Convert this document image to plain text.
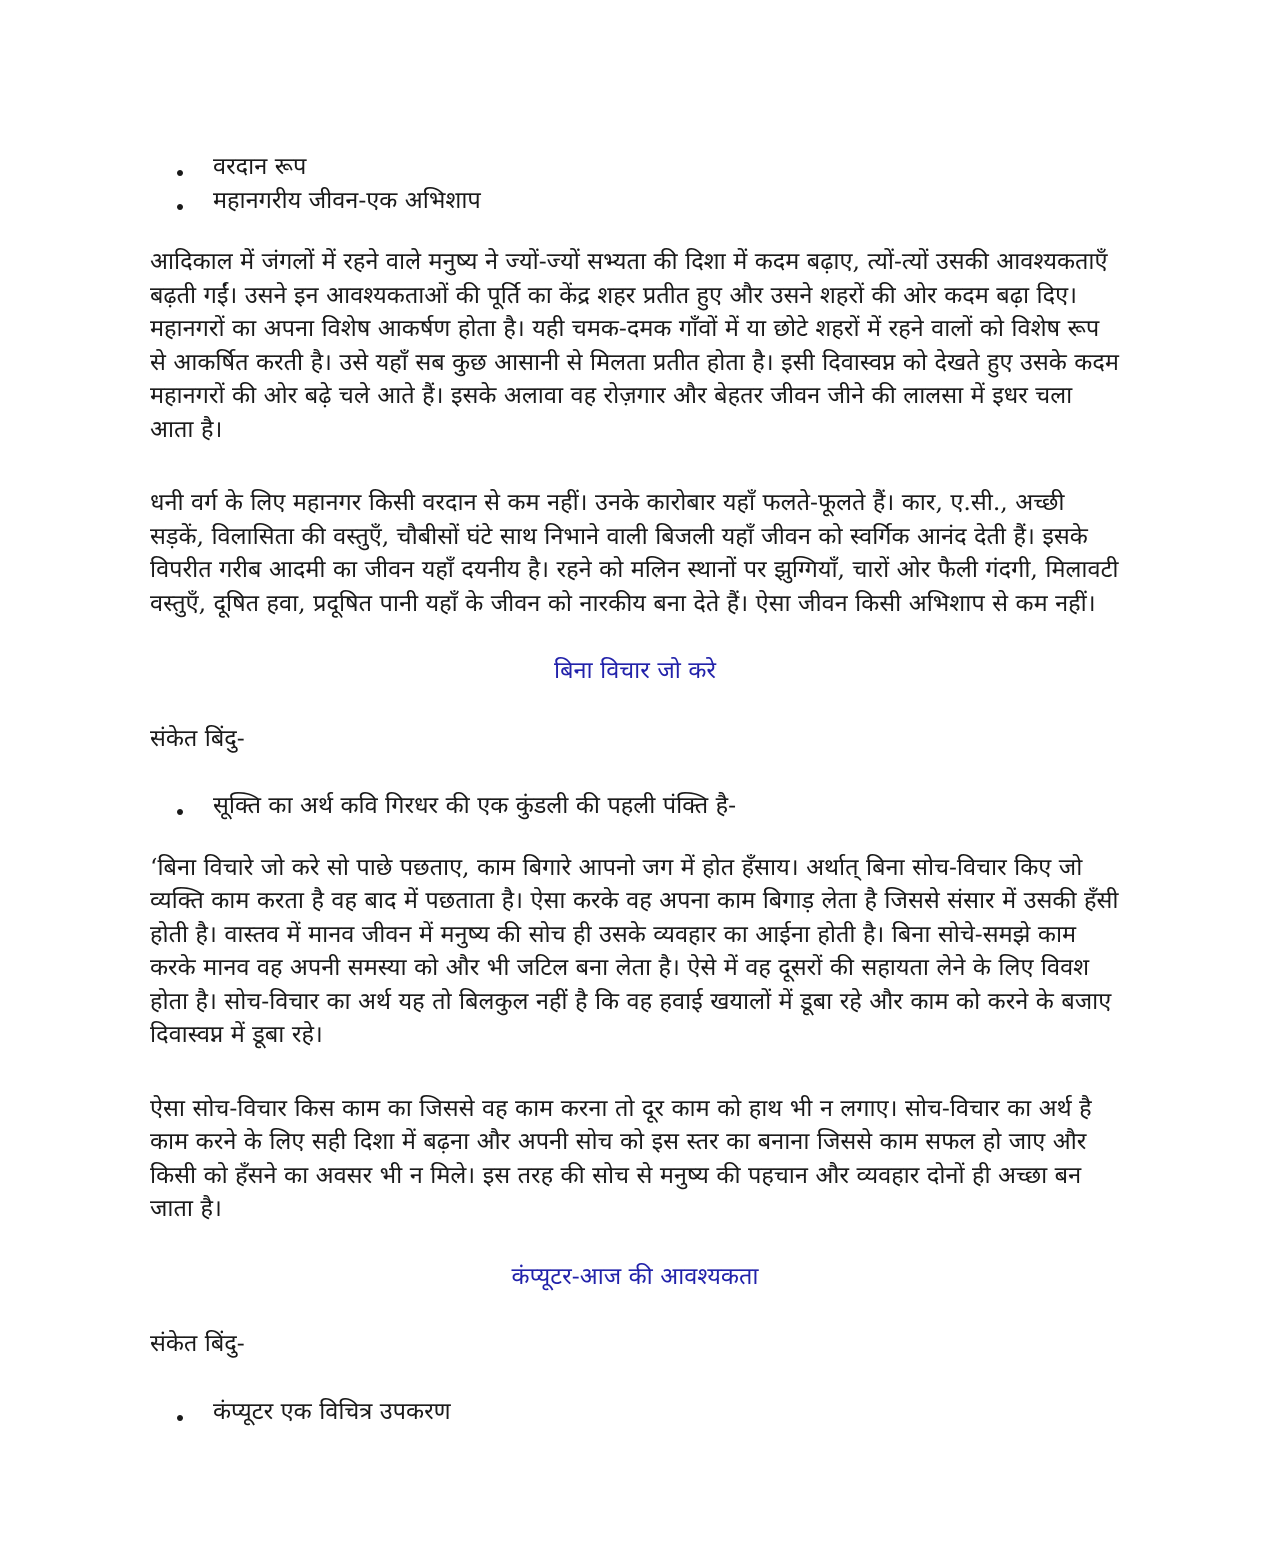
वरदान रूप
महानगरीय जीवन-एक अभिशाप

आदिकाल में जंगलों में रहने वाले मनुष्य ने ज्यों-ज्यों सभ्यता की दिशा में कदम बढ़ाए, त्यों-त्यों उसकी आवश्यकताएँ बढ़ती गईं। उसने इन आवश्यकताओं की पूर्ति का केंद्र शहर प्रतीत हुए और उसने शहरों की ओर कदम बढ़ा दिए। महानगरों का अपना विशेष आकर्षण होता है। यही चमक-दमक गाँवों में या छोटे शहरों में रहने वालों को विशेष रूप से आकर्षित करती है। उसे यहाँ सब कुछ आसानी से मिलता प्रतीत होता है। इसी दिवास्वप्न को देखते हुए उसके कदम महानगरों की ओर बढ़े चले आते हैं। इसके अलावा वह रोज़गार और बेहतर जीवन जीने की लालसा में इधर चला आता है।

धनी वर्ग के लिए महानगर किसी वरदान से कम नहीं। उनके कारोबार यहाँ फलते-फूलते हैं। कार, ए.सी., अच्छी सड़कें, विलासिता की वस्तुएँ, चौबीसों घंटे साथ निभाने वाली बिजली यहाँ जीवन को स्वर्गिक आनंद देती हैं। इसके विपरीत गरीब आदमी का जीवन यहाँ दयनीय है। रहने को मलिन स्थानों पर झुग्गियाँ, चारों ओर फैली गंदगी, मिलावटी वस्तुएँ, दूषित हवा, प्रदूषित पानी यहाँ के जीवन को नारकीय बना देते हैं। ऐसा जीवन किसी अभिशाप से कम नहीं।

बिना विचार जो करे

संकेत बिंदु-

सूक्ति का अर्थ कवि गिरधर की एक कुंडली की पहली पंक्ति है-

‘बिना विचारे जो करे सो पाछे पछताए, काम बिगारे आपनो जग में होत हँसाय। अर्थात् बिना सोच-विचार किए जो व्यक्ति काम करता है वह बाद में पछताता है। ऐसा करके वह अपना काम बिगाड़ लेता है जिससे संसार में उसकी हँसी होती है। वास्तव में मानव जीवन में मनुष्य की सोच ही उसके व्यवहार का आईना होती है। बिना सोचे-समझे काम करके मानव वह अपनी समस्या को और भी जटिल बना लेता है। ऐसे में वह दूसरों की सहायता लेने के लिए विवश होता है। सोच-विचार का अर्थ यह तो बिलकुल नहीं है कि वह हवाई खयालों में डूबा रहे और काम को करने के बजाए दिवास्वप्न में डूबा रहे।

ऐसा सोच-विचार किस काम का जिससे वह काम करना तो दूर काम को हाथ भी न लगाए। सोच-विचार का अर्थ है काम करने के लिए सही दिशा में बढ़ना और अपनी सोच को इस स्तर का बनाना जिससे काम सफल हो जाए और किसी को हँसने का अवसर भी न मिले। इस तरह की सोच से मनुष्य की पहचान और व्यवहार दोनों ही अच्छा बन जाता है।

कंप्यूटर-आज की आवश्यकता

संकेत बिंदु-

कंप्यूटर एक विचित्र उपकरण
